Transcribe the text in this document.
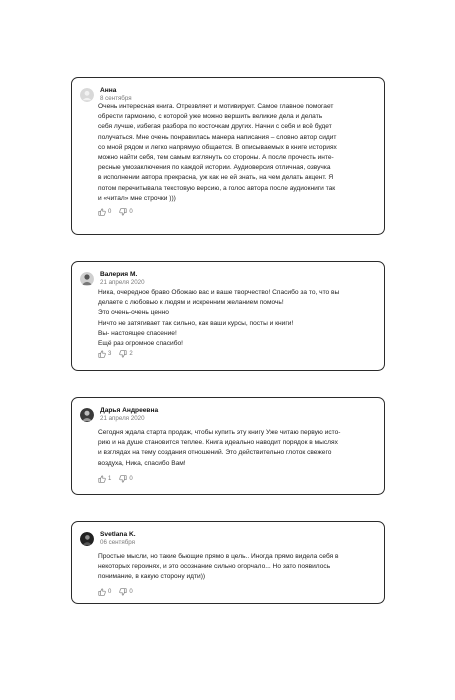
Анна
8 сентября

Очень интересная книга. Отрезвляет и мотивирует. Самое главное помогает

обрести гармонию, с которой уже можно вершить великие дела и делать

себя лучше, избегая разбора по косточкам других. Начни с себя и всё будет

получаться. Мне очень понравилась манера написания – словно автор сидит

со мной рядом и легко напрямую общается. В описываемых в книге историях

можно найти себя, тем самым взглянуть со стороны. А после прочесть инте-

ресные умозаключения по каждой истории. Аудиоверсия отличная, озвучка

в исполнении автора прекрасна, уж как не ей знать, на чем делать акцент. Я

потом перечитывала текстовую версию, а голос автора после аудиокниги так

и «читал» мне строчки )))

0	0
Валерия М.
21 апреля 2020

Ника, очередное браво Обожаю вас и ваше творчество! Спасибо за то, что вы

делаете с любовью к людям и искренним желанием помочь!

Это очень-очень ценно

Ничто не затягивает так сильно, как ваши курсы, посты и книги!

Вы- настоящее спасение!

Ещё раз огромное спасибо!

3	2
Дарья Андреевна
21 апреля 2020

Сегодня ждала старта продаж, чтобы купить эту книгу Уже читаю первую исто-

рию и на душе становится теплее. Книга идеально наводит порядок в мыслях

и взглядах на тему создания отношений. Это действительно глоток свежего

воздуха, Ника, спасибо Вам!

1	0
Svetlana K.
06 сентября

Простые мысли, но такие бьющие прямо в цель.. Иногда прямо видела себя в

некоторых героинях, и это осознание сильно огорчало... Но зато появилось

понимание, в какую сторону идти))

0	0
